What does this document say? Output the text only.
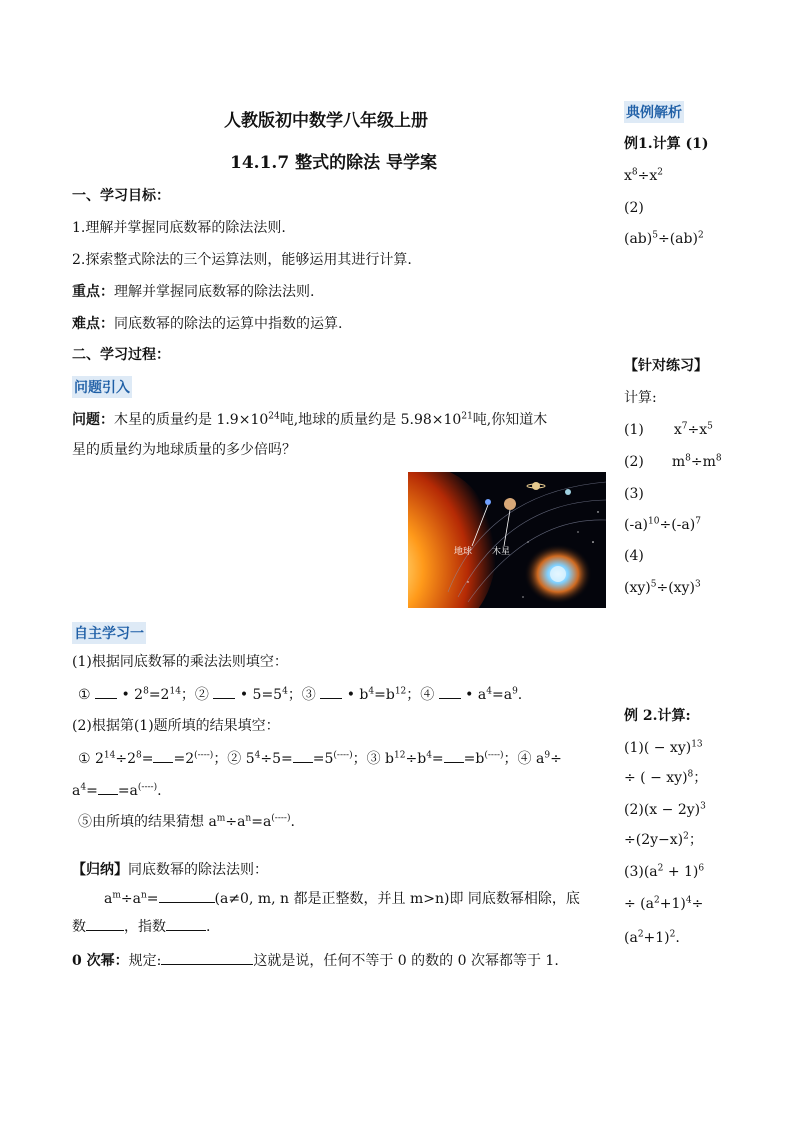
人教版初中数学八年级上册
14.1.7 整式的除法 导学案
一、学习目标：
1.理解并掌握同底数幂的除法法则.
2.探索整式除法的三个运算法则，能够运用其进行计算.
重点：理解并掌握同底数幂的除法法则.
难点：同底数幂的除法的运算中指数的运算.
二、学习过程：
问题引入
问题：木星的质量约是 $1.9\times 10^{24}$吨,地球的质量约是 $5.98\times 10^{21}$吨,你知道木
星的质量约为地球质量的多少倍吗？
地球 木星
自主学习一
(1)根据同底数幂的乘法法则填空：
①  • $2^8=2^{14}$；②  • $5=5^4$；③  • $b^4=b^{12}$；④  • $a^4=a^9$.
(2)根据第(1)题所填的结果填空：
① $2^{14}\div 2^8= =2^{(----)}$；② $5^4\div 5= =5^{(----)}$；③ $b^{12}\div b^4= =b^{(----)}$；④ $a^9\div$
$a^4= =a^{(----)}$.
⑤由所填的结果猜想 $a^m\div a^n=a^{(----)}$.
【归纳】同底数幂的除法法则：
$a^m\div a^n=$	(a≠0, m, n 都是正整数，并且 m>n)即 同底数幂相除，底
数	，指数	.
0 次幂：规定:	这就是说，任何不等于 0 的数的 0 次幂都等于 1.
典例解析
例1.计算 (1)
$x^8\div x^2$
(2)
(ab)$^5$÷(ab)$^2$
【针对练习】
计算:
(1) $x^7\div x^5$
(2) $m^8\div m^8$
(3)
$(-a)^{10}\div(-a)^7$
(4)
(xy)$^5$÷(xy)$^3$
例 2.计算:
(1)( − xy)$^{13}$
÷ ( − xy)$^8$；
$(2)(x - 2y)^3$
$\div(2y-x)^2$；
$(3)(a^2 + 1)^6$
÷ $(a^2+1)^4\div$
$(a^2+1)^2$.
